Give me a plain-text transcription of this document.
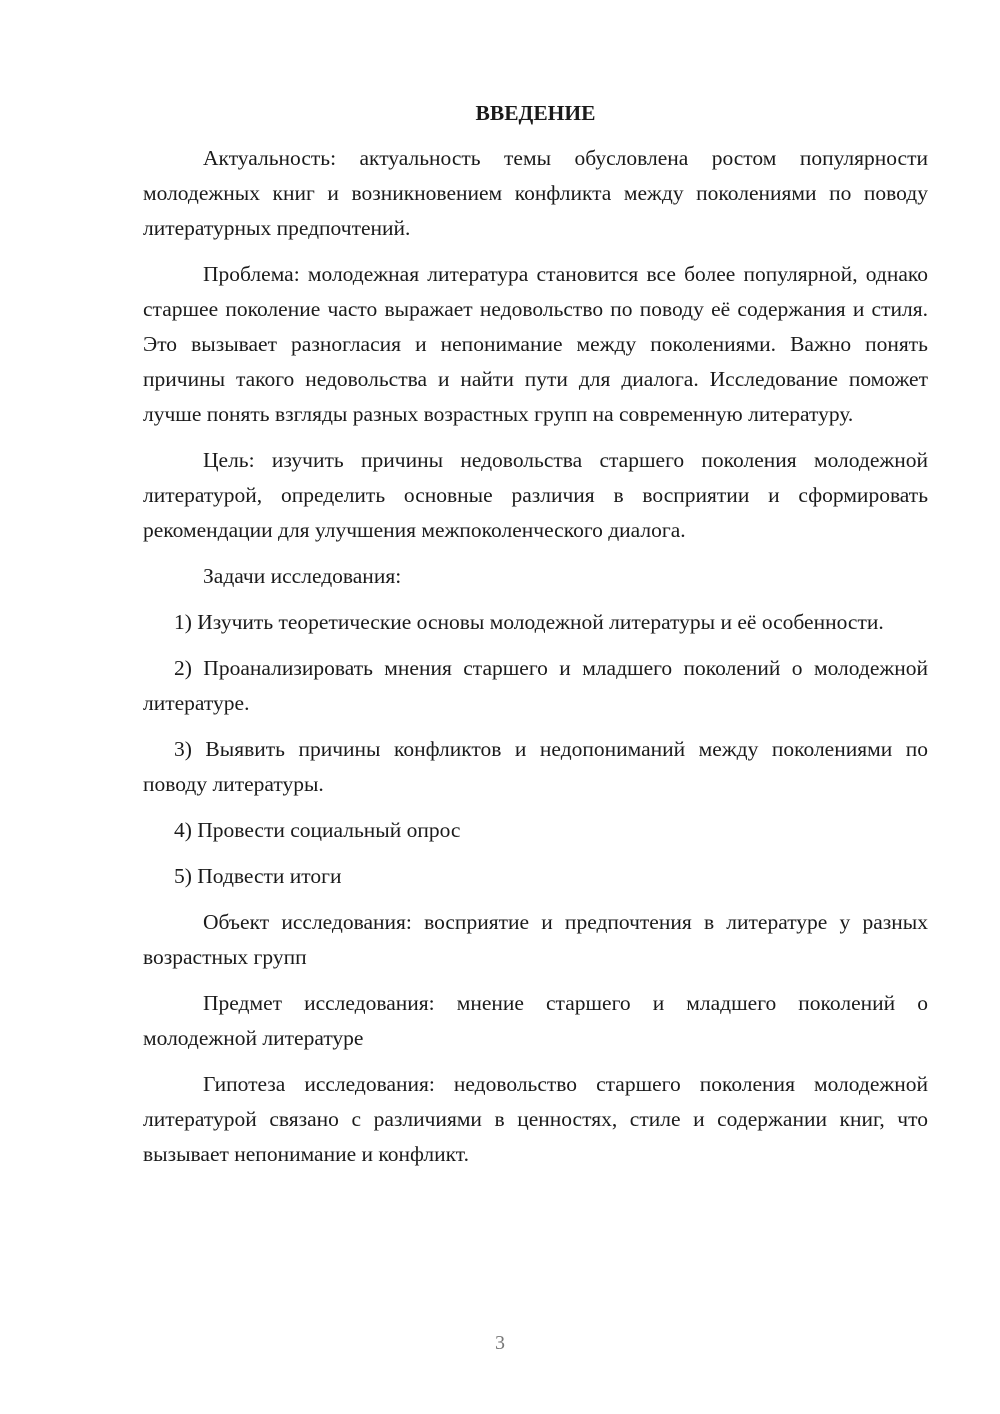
ВВЕДЕНИЕ

Актуальность: актуальность темы обусловлена ростом популярности молодежных книг и возникновением конфликта между поколениями по поводу литературных предпочтений.

Проблема: молодежная литература становится все более популярной, однако старшее поколение часто выражает недовольство по поводу её содержания и стиля. Это вызывает разногласия и непонимание между поколениями. Важно понять причины такого недовольства и найти пути для диалога. Исследование поможет лучше понять взгляды разных возрастных групп на современную литературу.

Цель: изучить причины недовольства старшего поколения молодежной литературой, определить основные различия в восприятии и сформировать рекомендации для улучшения межпоколенческого диалога.

Задачи исследования:

1) Изучить теоретические основы молодежной литературы и её особенности.

2) Проанализировать мнения старшего и младшего поколений о молодежной литературе.

3) Выявить причины конфликтов и недопониманий между поколениями по поводу литературы.

4) Провести социальный опрос

5) Подвести итоги

Объект исследования: восприятие и предпочтения в литературе у разных возрастных групп

Предмет исследования: мнение старшего и младшего поколений о молодежной литературе

Гипотеза исследования: недовольство старшего поколения молодежной литературой связано с различиями в ценностях, стиле и содержании книг, что вызывает непонимание и конфликт.

3
